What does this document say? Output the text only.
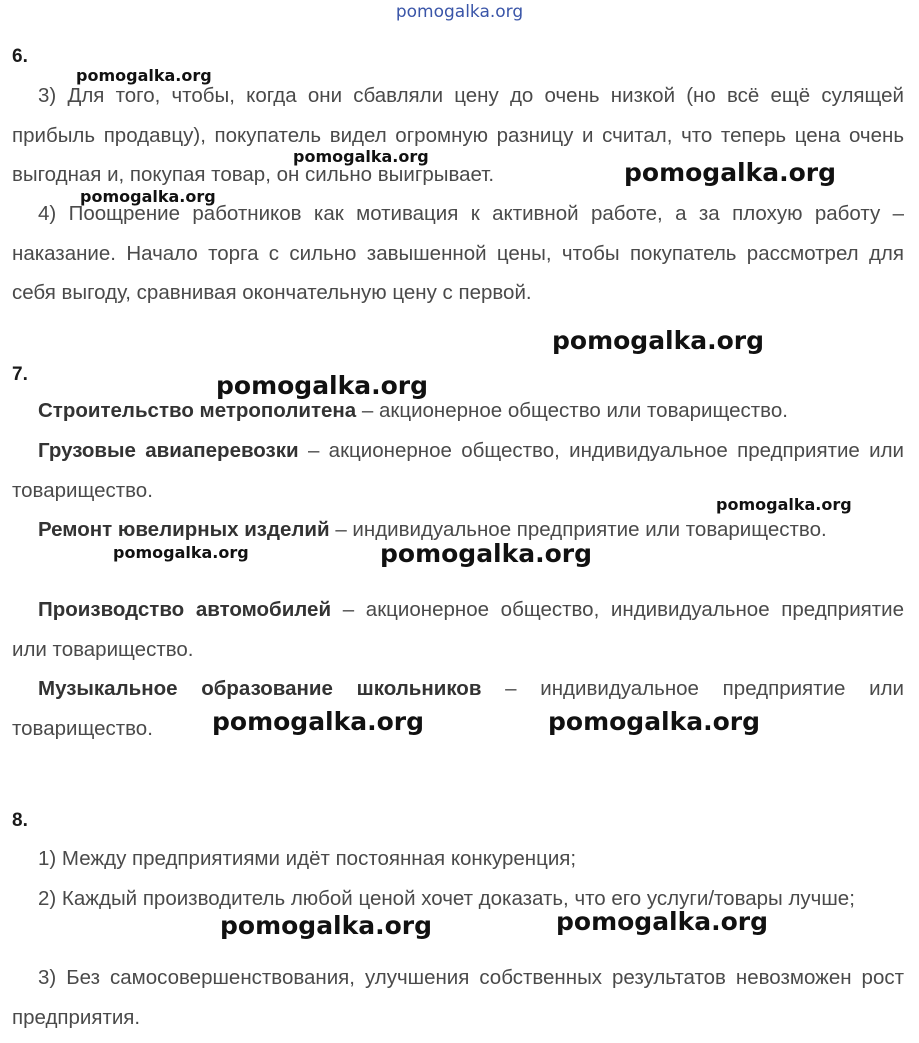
pomogalka.org
6.

3) Для того, чтобы, когда они сбавляли цену до очень низкой (но всё ещё сулящей прибыль продавцу), покупатель видел огромную разницу и считал, что теперь цена очень выгодная и, покупая товар, он сильно выигрывает.

4) Поощрение работников как мотивация к активной работе, а за плохую работу – наказание. Начало торга с сильно завышенной цены, чтобы покупатель рассмотрел для себя выгоду, сравнивая окончательную цену с первой.

7.

Строительство метрополитена – акционерное общество или товарищество.

Грузовые авиаперевозки – акционерное общество, индивидуальное предприятие или товарищество.

Ремонт ювелирных изделий – индивидуальное предприятие или товарищество.

Производство автомобилей – акционерное общество, индивидуальное предприятие или товарищество.

Музыкальное образование школьников – индивидуальное предприятие или товарищество.

8.

1) Между предприятиями идёт постоянная конкуренция;

2) Каждый производитель любой ценой хочет доказать, что его услуги/товары лучше;

3) Без самосовершенствования, улучшения собственных результатов невозможен рост предприятия.

pomogalka.org
pomogalka.org
pomogalka.org
pomogalka.org
pomogalka.org
pomogalka.org
pomogalka.org
pomogalka.org	pomogalka.org
pomogalka.org	pomogalka.org
pomogalka.org	pomogalka.org
